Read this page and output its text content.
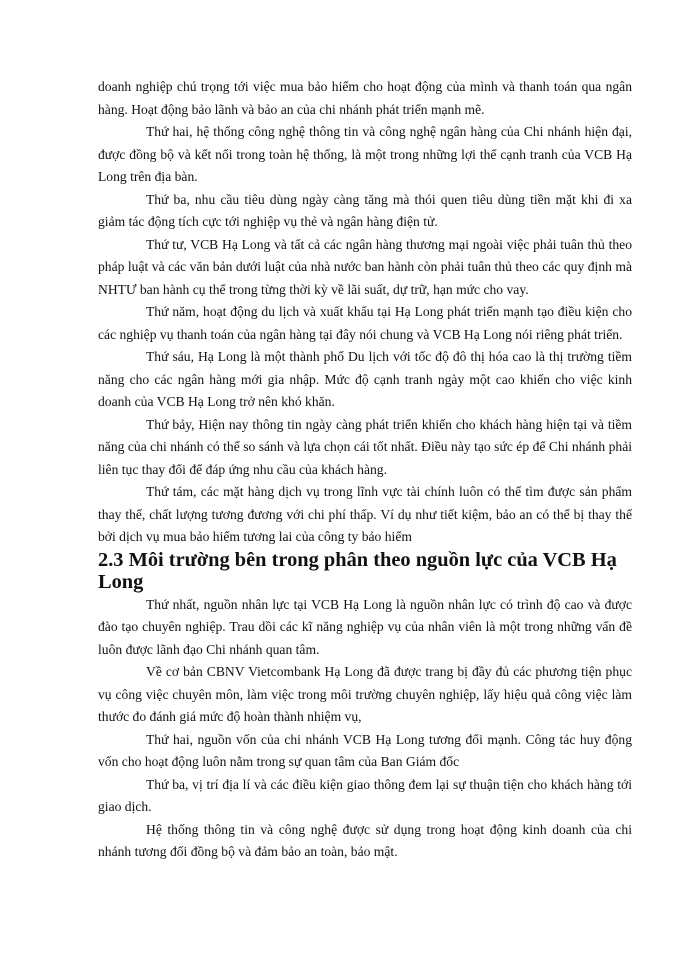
doanh nghiệp chú trọng tới việc mua bảo hiểm cho hoạt động của mình và thanh toán qua ngân hàng. Hoạt động bảo lãnh và bảo an của chi nhánh phát triển mạnh mẽ.

Thứ hai, hệ thống công nghệ thông tin và công nghệ ngân hàng của Chi nhánh hiện đại, được đồng bộ và kết nối trong toàn hệ thống, là một trong những lợi thế cạnh tranh của VCB Hạ Long trên địa bàn.

Thứ ba, nhu cầu tiêu dùng ngày càng tăng mà thói quen tiêu dùng tiền mặt khi đi xa giảm tác động tích cực tới nghiệp vụ thẻ và ngân hàng điện tử.

Thứ tư, VCB Hạ Long và tất cả các ngân hàng thương mại ngoài việc phải tuân thủ theo pháp luật và các văn bản dưới luật của nhà nước ban hành còn phải tuân thủ theo các quy định mà NHTƯ ban hành cụ thể trong từng thời kỳ về lãi suất, dự trữ, hạn mức cho vay.

Thứ năm, hoạt động du lịch và xuất khẩu tại Hạ Long phát triển mạnh tạo điều kiện cho các nghiệp vụ thanh toán của ngân hàng tại đây nói chung và VCB Hạ Long nói riêng phát triển.

Thứ sáu, Hạ Long là một thành phố Du lịch với tốc độ đô thị hóa cao là thị trường tiềm năng cho các ngân hàng mới gia nhập. Mức độ cạnh tranh ngày một cao khiến cho việc kinh doanh của VCB Hạ Long trở nên khó khăn.

Thứ bảy, Hiện nay thông tin ngày càng phát triển khiến cho khách hàng hiện tại và tiềm năng của chi nhánh có thể so sánh và lựa chọn cái tốt nhất. Điều này tạo sức ép để Chi nhánh phải liên tục thay đổi để đáp ứng nhu cầu của khách hàng.

Thứ tám, các mặt hàng dịch vụ trong lĩnh vực tài chính luôn có thể tìm được sản phẩm thay thế, chất lượng tương đương với chi phí thấp. Ví dụ như tiết kiệm, bảo an có thể bị thay thế bởi dịch vụ mua bảo hiểm tương lai của công ty bảo hiểm

2.3 Môi trường bên trong phân theo nguồn lực của VCB Hạ Long

Thứ nhất, nguồn nhân lực tại VCB Hạ Long là nguồn nhân lực có trình độ cao và được đào tạo chuyên nghiệp. Trau dồi các kĩ năng nghiệp vụ của nhân viên là một trong những vấn đề luôn được lãnh đạo Chi nhánh quan tâm.

Về cơ bản CBNV Vietcombank Hạ Long đã được trang bị đầy đủ các phương tiện phục vụ công việc chuyên môn, làm việc trong môi trường chuyên nghiệp, lấy hiệu quả công việc làm thước đo đánh giá mức độ hoàn thành nhiệm vụ,

Thứ hai, nguồn vốn của chi nhánh VCB Hạ Long tương đối mạnh. Công tác huy động vốn cho hoạt động luôn nằm trong sự quan tâm của Ban Giám đốc

Thứ ba, vị trí địa lí và các điều kiện giao thông đem lại sự thuận tiện cho khách hàng tới giao dịch.

Hệ thống thông tin và công nghệ được sử dụng trong hoạt động kinh doanh của chi nhánh tương đối đồng bộ và đảm bảo an toàn, bảo mật.
